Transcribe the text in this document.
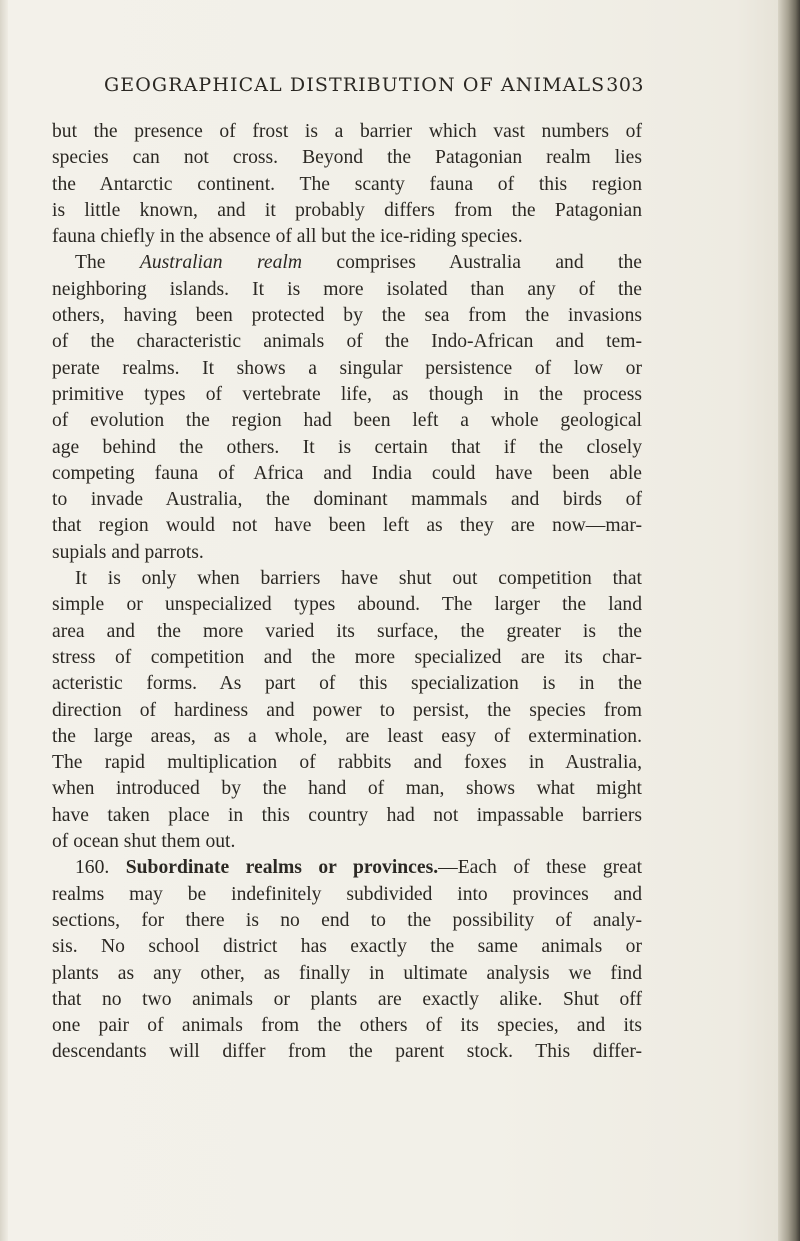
GEOGRAPHICAL DISTRIBUTION OF ANIMALS 303
but the presence of frost is a barrier which vast numbers of
species can not cross. Beyond the Patagonian realm lies
the Antarctic continent. The scanty fauna of this region
is little known, and it probably differs from the Patagonian
fauna chiefly in the absence of all but the ice-riding species.
The Australian realm comprises Australia and the
neighboring islands. It is more isolated than any of the
others, having been protected by the sea from the invasions
of the characteristic animals of the Indo-African and tem-
perate realms. It shows a singular persistence of low or
primitive types of vertebrate life, as though in the process
of evolution the region had been left a whole geological
age behind the others. It is certain that if the closely
competing fauna of Africa and India could have been able
to invade Australia, the dominant mammals and birds of
that region would not have been left as they are now—mar-
supials and parrots.
It is only when barriers have shut out competition that
simple or unspecialized types abound. The larger the land
area and the more varied its surface, the greater is the
stress of competition and the more specialized are its char-
acteristic forms. As part of this specialization is in the
direction of hardiness and power to persist, the species from
the large areas, as a whole, are least easy of extermination.
The rapid multiplication of rabbits and foxes in Australia,
when introduced by the hand of man, shows what might
have taken place in this country had not impassable barriers
of ocean shut them out.
160. Subordinate realms or provinces.—Each of these great
realms may be indefinitely subdivided into provinces and
sections, for there is no end to the possibility of analy-
sis. No school district has exactly the same animals or
plants as any other, as finally in ultimate analysis we find
that no two animals or plants are exactly alike. Shut off
one pair of animals from the others of its species, and its
descendants will differ from the parent stock. This differ-
